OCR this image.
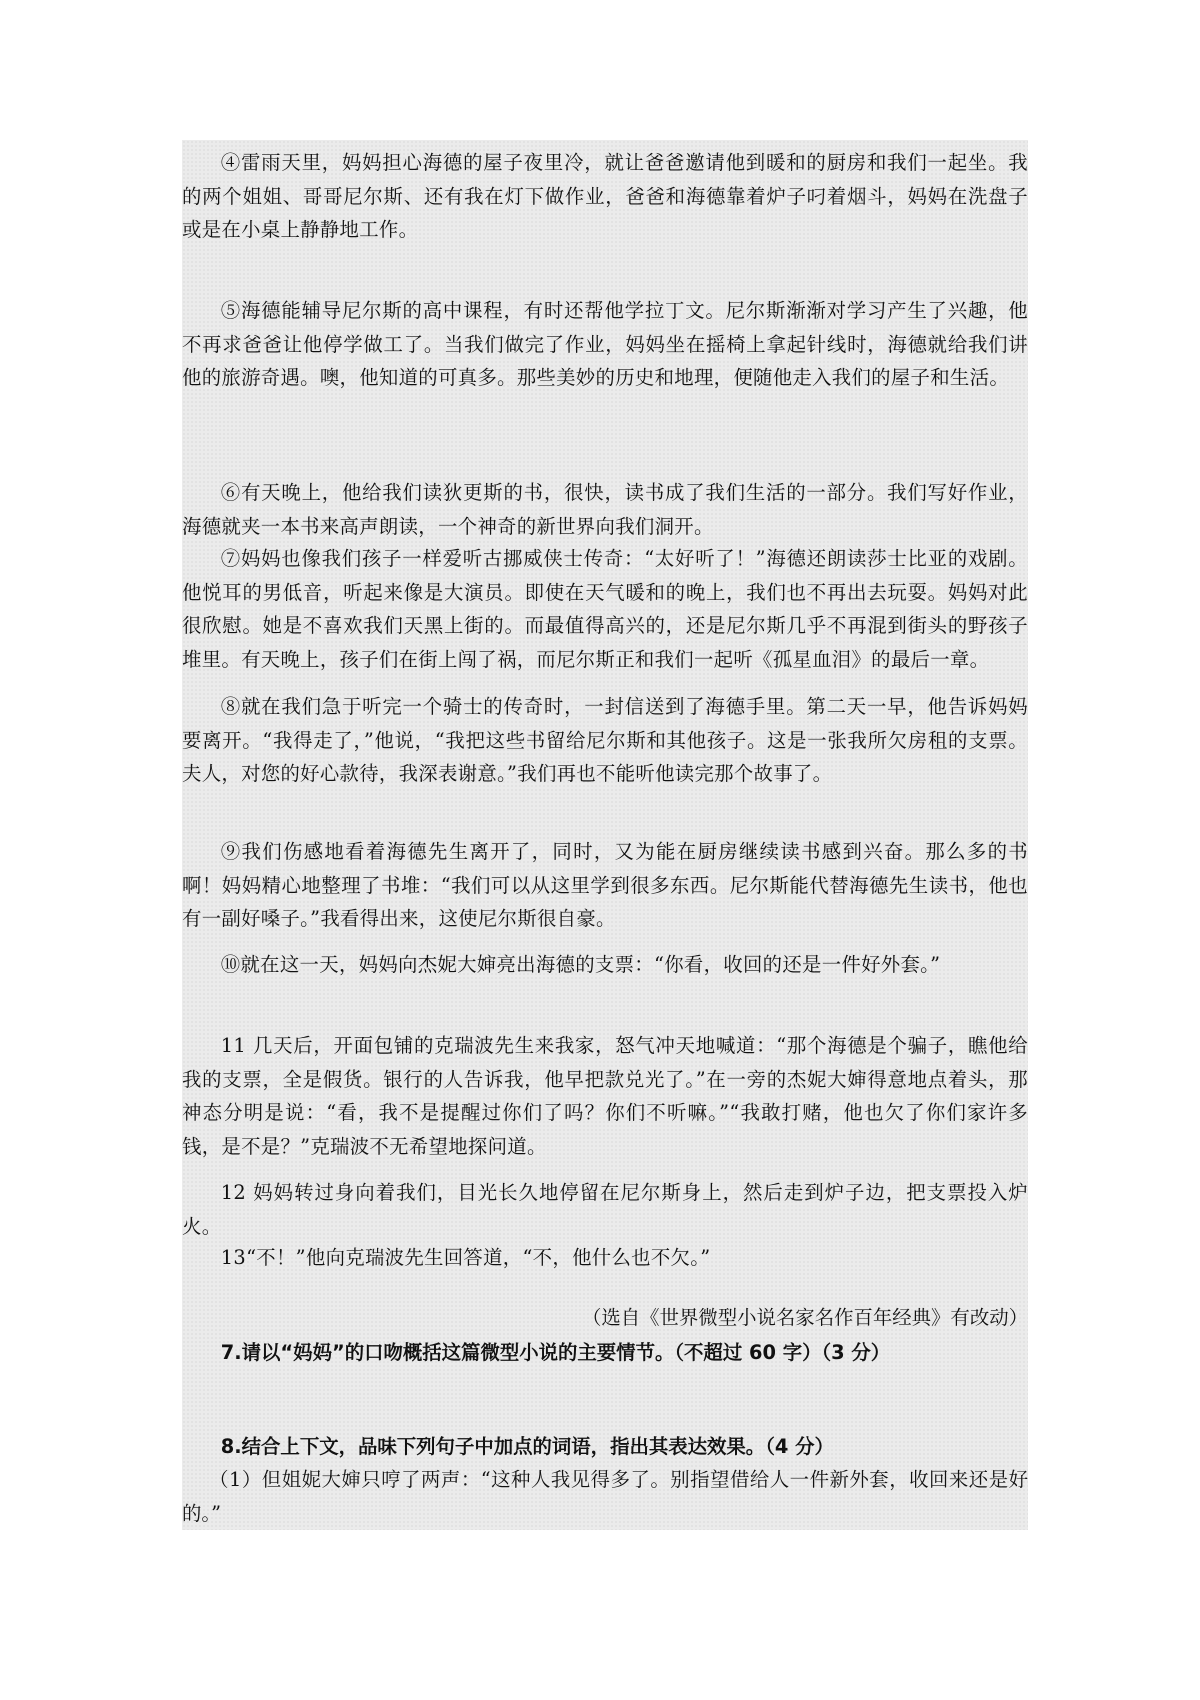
④雷雨天里，妈妈担心海德的屋子夜里冷，就让爸爸邀请他到暖和的厨房和我们一起坐。我的两个姐姐、哥哥尼尔斯、还有我在灯下做作业，爸爸和海德靠着炉子叼着烟斗，妈妈在洗盘子或是在小桌上静静地工作。

⑤海德能辅导尼尔斯的高中课程，有时还帮他学拉丁文。尼尔斯渐渐对学习产生了兴趣，他不再求爸爸让他停学做工了。当我们做完了作业，妈妈坐在摇椅上拿起针线时，海德就给我们讲他的旅游奇遇。噢，他知道的可真多。那些美妙的历史和地理，便随他走入我们的屋子和生活。

⑥有天晚上，他给我们读狄更斯的书，很快，读书成了我们生活的一部分。我们写好作业，海德就夹一本书来高声朗读，一个神奇的新世界向我们洞开。

⑦妈妈也像我们孩子一样爱听古挪威侠士传奇：“太好听了！”海德还朗读莎士比亚的戏剧。他悦耳的男低音，听起来像是大演员。即使在天气暖和的晚上，我们也不再出去玩耍。妈妈对此很欣慰。她是不喜欢我们天黑上街的。而最值得高兴的，还是尼尔斯几乎不再混到街头的野孩子堆里。有天晚上，孩子们在街上闯了祸，而尼尔斯正和我们一起听《孤星血泪》的最后一章。

⑧就在我们急于听完一个骑士的传奇时，一封信送到了海德手里。第二天一早，他告诉妈妈要离开。“我得走了，”他说，“我把这些书留给尼尔斯和其他孩子。这是一张我所欠房租的支票。夫人，对您的好心款待，我深表谢意。”我们再也不能听他读完那个故事了。

⑨我们伤感地看着海德先生离开了，同时，又为能在厨房继续读书感到兴奋。那么多的书啊！妈妈精心地整理了书堆：“我们可以从这里学到很多东西。尼尔斯能代替海德先生读书，他也有一副好嗓子。”我看得出来，这使尼尔斯很自豪。

⑩就在这一天，妈妈向杰妮大婶亮出海德的支票：“你看，收回的还是一件好外套。”

11 几天后，开面包铺的克瑞波先生来我家，怒气冲天地喊道：“那个海德是个骗子，瞧他给我的支票，全是假货。银行的人告诉我，他早把款兑光了。”在一旁的杰妮大婶得意地点着头，那神态分明是说：“看，我不是提醒过你们了吗？你们不听嘛。”“我敢打赌，他也欠了你们家许多钱，是不是？”克瑞波不无希望地探问道。

12 妈妈转过身向着我们，目光长久地停留在尼尔斯身上，然后走到炉子边，把支票投入炉火。

13“不！”他向克瑞波先生回答道，“不，他什么也不欠。”

（选自《世界微型小说名家名作百年经典》有改动）

7.请以“妈妈”的口吻概括这篇微型小说的主要情节。（不超过 60 字）（3 分）

8.结合上下文，品味下列句子中加点的词语，指出其表达效果。（4 分）

（1）但姐妮大婶只哼了两声：“这种人我见得多了。别指望借给人一件新外套，收回来还是好的。”
